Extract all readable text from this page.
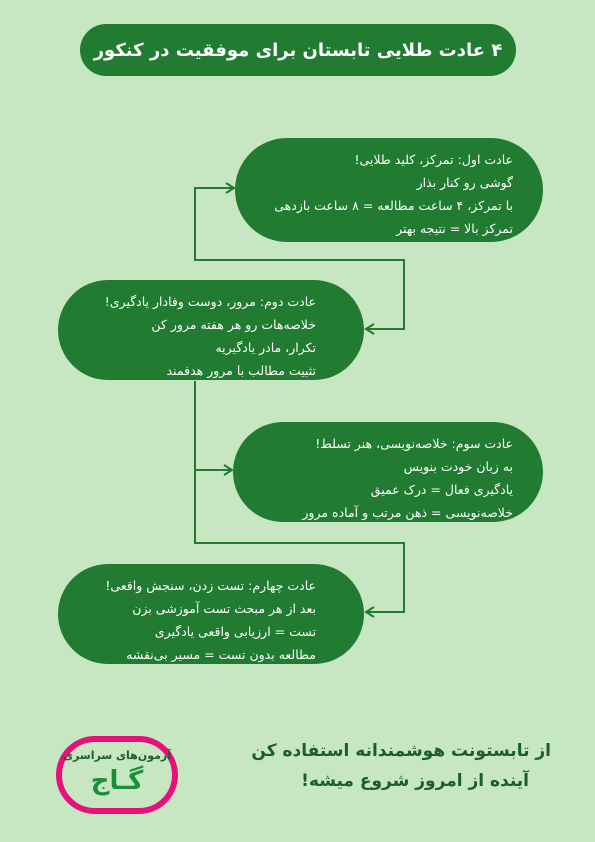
۴ عادت طلایی تابستان برای موفقیت در کنکور
عادت اول: تمرکز، کلید طلایی!
گوشی رو کنار بذار
با تمرکز، ۴ ساعت مطالعه = ۸ ساعت بازدهی
تمرکز بالا = نتیجه بهتر
عادت دوم: مرور، دوست وفادار یادگیری!
خلاصه‌هات رو هر هفته مرور کن
تکرار، مادر یادگیریه
تثبیت مطالب با مرور هدفمند
عادت سوم: خلاصه‌نویسی، هنر تسلط!
به زبان خودت بنویس
یادگیری فعال = درک عمیق
خلاصه‌نویسی = ذهن مرتب و آماده مرور
عادت چهارم: تست زدن، سنجش واقعی!
بعد از هر مبحث تست آموزشی بزن
تست = ارزیابی واقعی یادگیری
مطالعه بدون تست = مسیر بی‌نقشه
آزمون‌های سراسری
گـاج
از تابستونت هوشمندانه استفاده کن
آینده از امروز شروع میشه!
